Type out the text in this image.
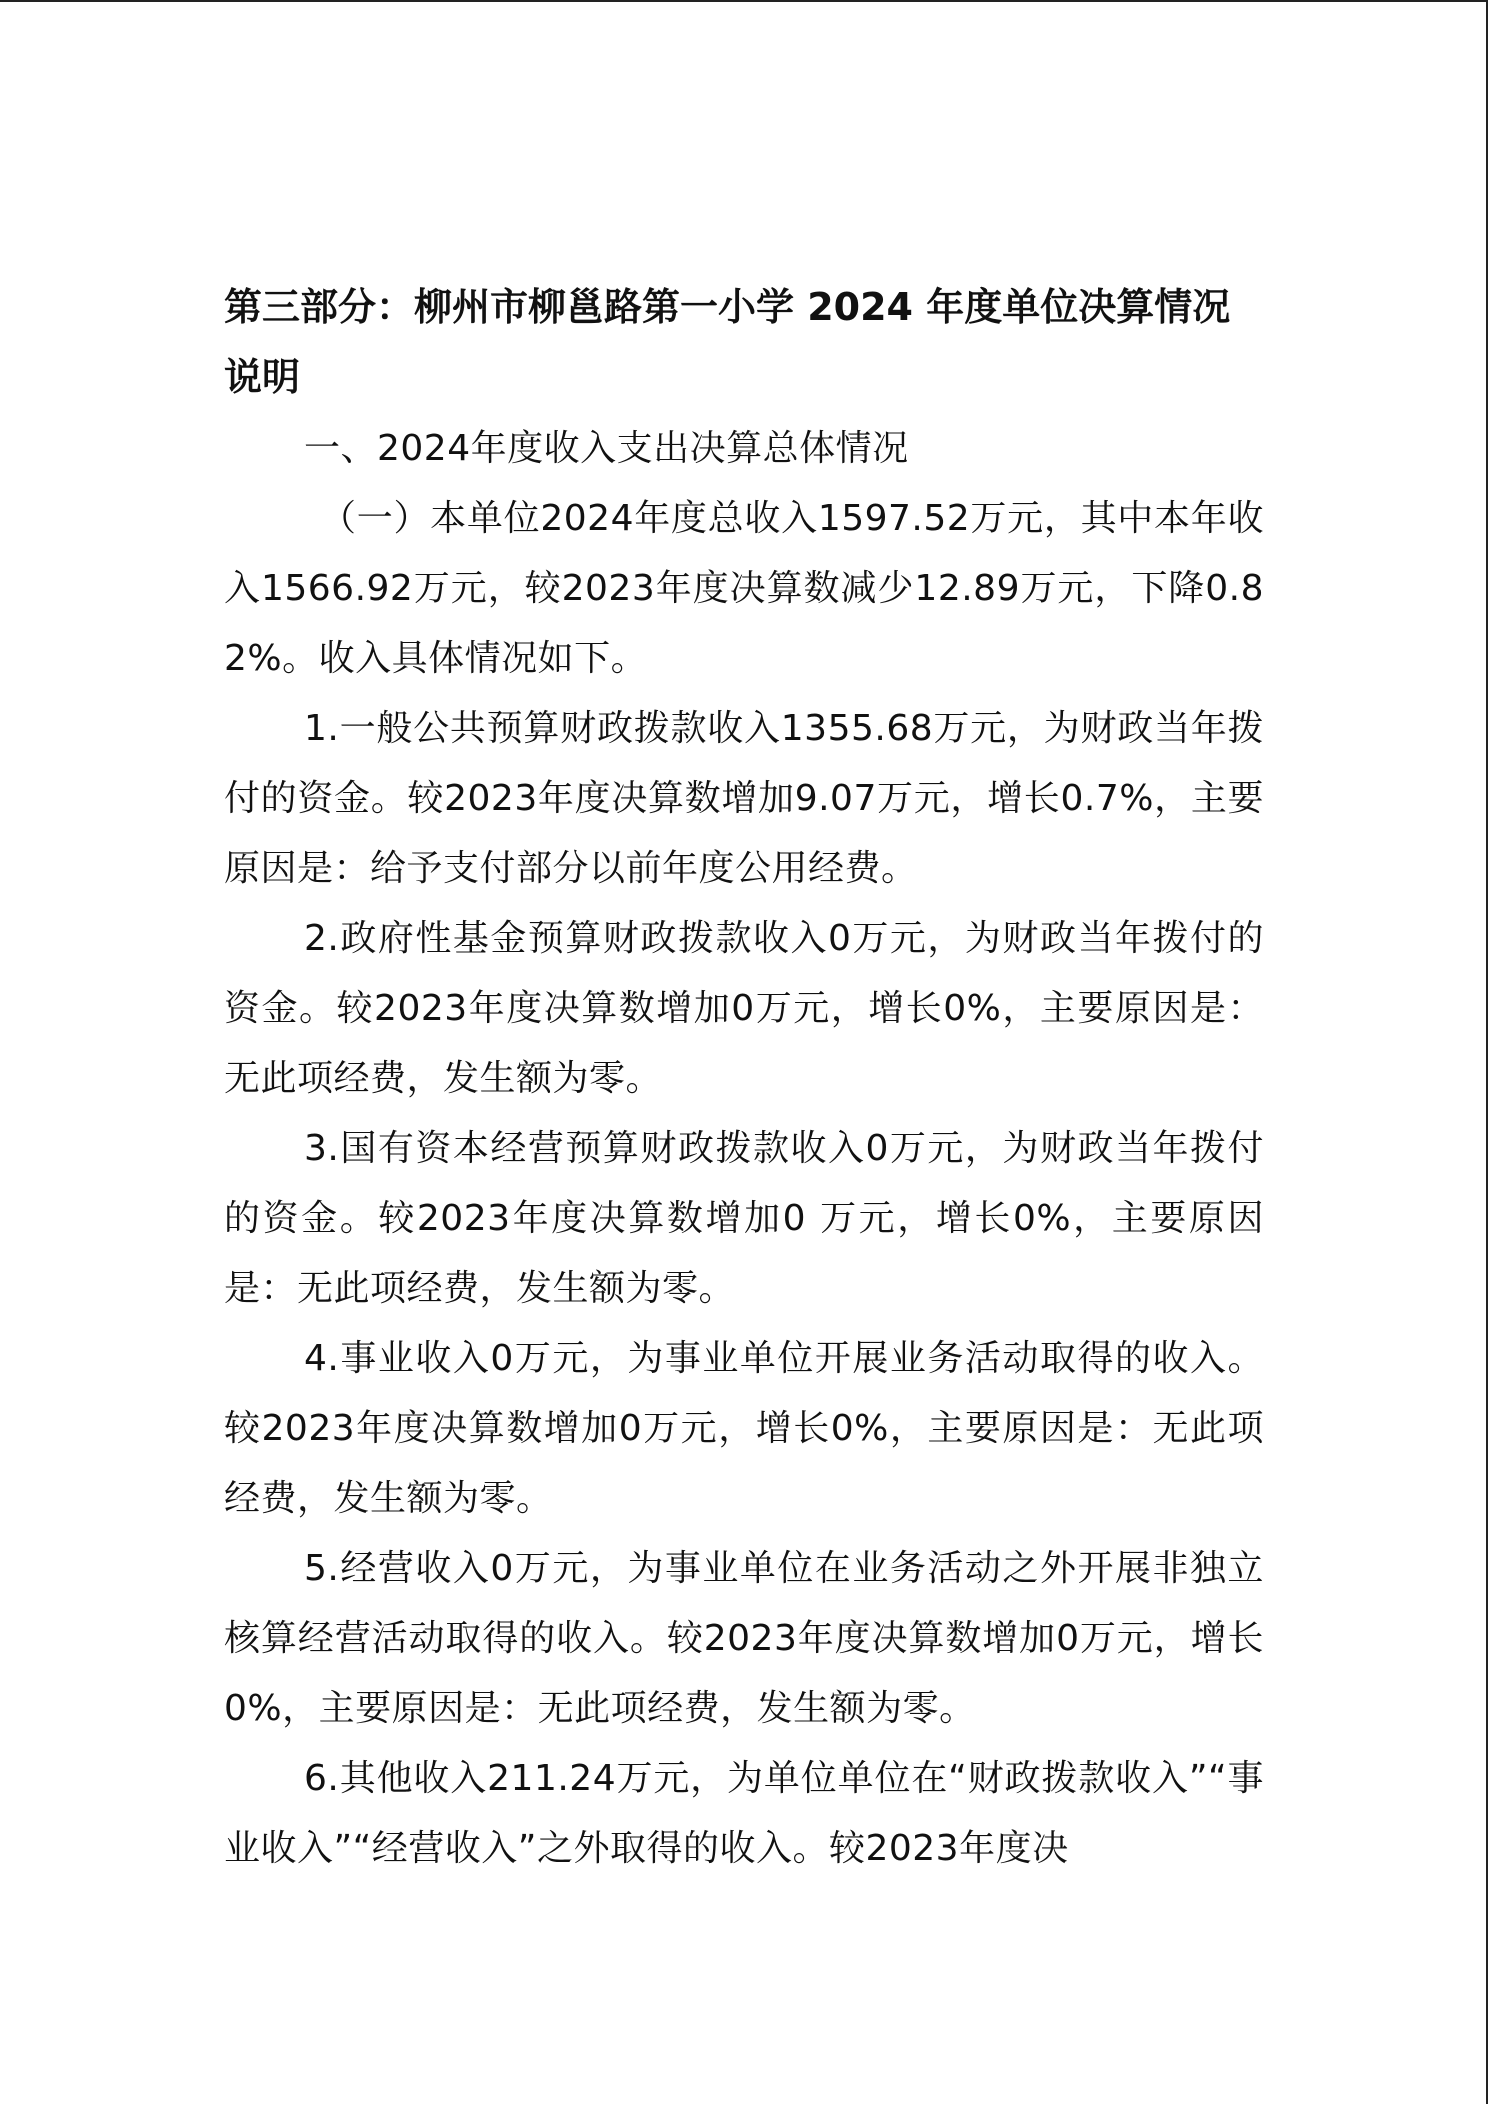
第三部分：柳州市柳邕路第一小学 2024 年度单位决算情况说明

一、2024年度收入支出决算总体情况

（一）本单位2024年度总收入1597.52万元，其中本年收入1566.92万元，较2023年度决算数减少12.89万元，下降0.82%。收入具体情况如下。

1.一般公共预算财政拨款收入1355.68万元，为财政当年拨付的资金。较2023年度决算数增加9.07万元，增长0.7%，主要原因是：给予支付部分以前年度公用经费。

2.政府性基金预算财政拨款收入0万元，为财政当年拨付的资金。较2023年度决算数增加0万元，增长0%，主要原因是：无此项经费，发生额为零。

3.国有资本经营预算财政拨款收入0万元，为财政当年拨付的资金。较2023年度决算数增加0 万元，增长0%，主要原因是：无此项经费，发生额为零。

4.事业收入0万元，为事业单位开展业务活动取得的收入。较2023年度决算数增加0万元，增长0%，主要原因是：无此项经费，发生额为零。

5.经营收入0万元，为事业单位在业务活动之外开展非独立核算经营活动取得的收入。较2023年度决算数增加0万元，增长0%，主要原因是：无此项经费，发生额为零。

6.其他收入211.24万元，为单位单位在“财政拨款收入”“事业收入”“经营收入”之外取得的收入。较2023年度决
